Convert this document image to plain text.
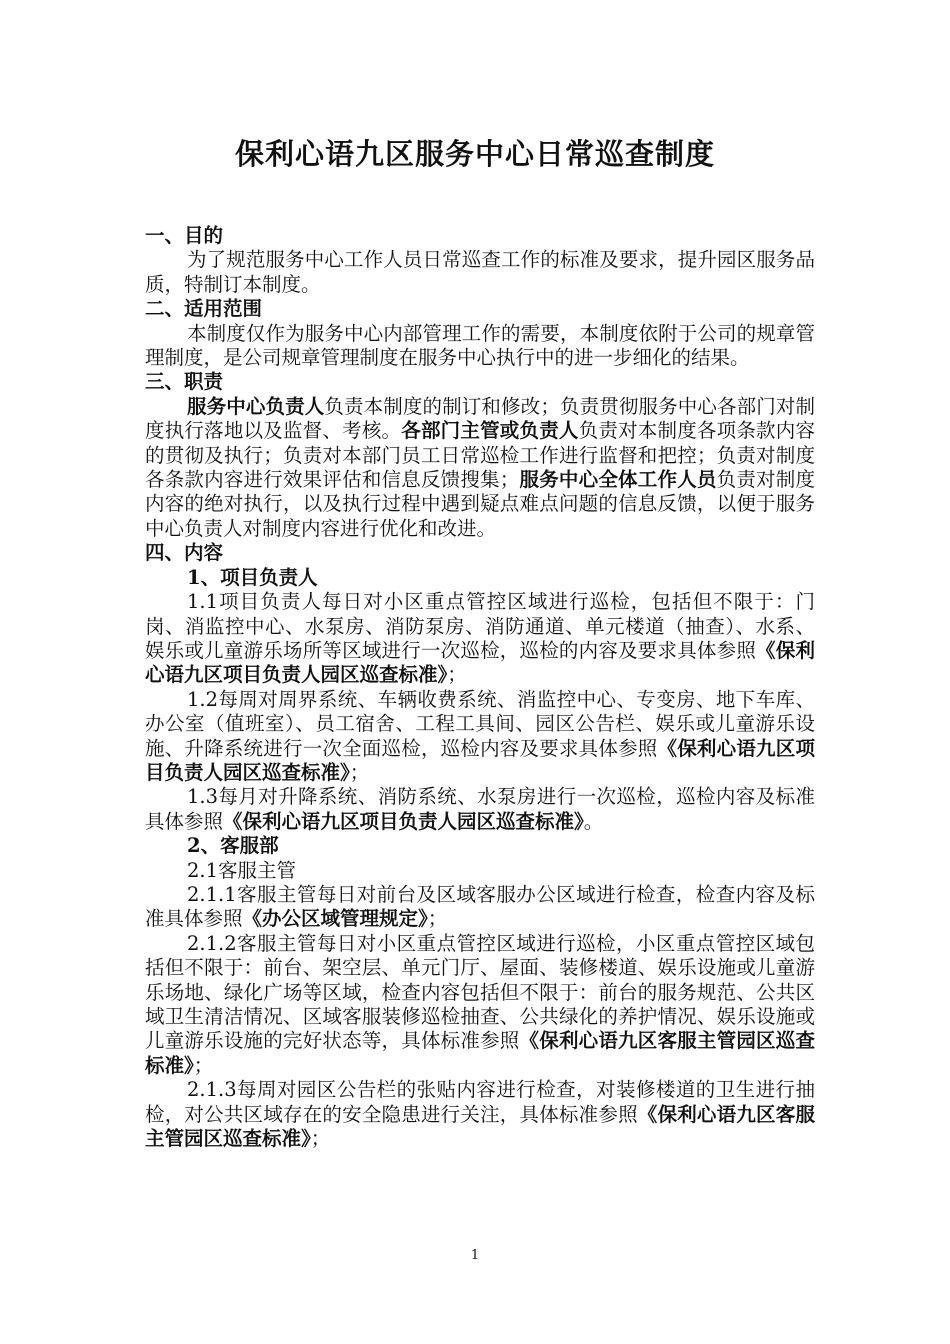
保利心语九区服务中心日常巡查制度

一、目的

为了规范服务中心工作人员日常巡查工作的标准及要求，提升园区服务品质，特制订本制度。

二、适用范围

本制度仅作为服务中心内部管理工作的需要，本制度依附于公司的规章管理制度，是公司规章管理制度在服务中心执行中的进一步细化的结果。

三、职责

服务中心负责人负责本制度的制订和修改；负责贯彻服务中心各部门对制度执行落地以及监督、考核。各部门主管或负责人负责对本制度各项条款内容的贯彻及执行；负责对本部门员工日常巡检工作进行监督和把控；负责对制度各条款内容进行效果评估和信息反馈搜集；服务中心全体工作人员负责对制度内容的绝对执行，以及执行过程中遇到疑点难点问题的信息反馈，以便于服务中心负责人对制度内容进行优化和改进。

四、内容

1、项目负责人

1.1项目负责人每日对小区重点管控区域进行巡检，包括但不限于：门岗、消监控中心、水泵房、消防泵房、消防通道、单元楼道（抽查）、水系、娱乐或儿童游乐场所等区域进行一次巡检，巡检的内容及要求具体参照《保利心语九区项目负责人园区巡查标准》；

1.2每周对周界系统、车辆收费系统、消监控中心、专变房、地下车库、办公室（值班室）、员工宿舍、工程工具间、园区公告栏、娱乐或儿童游乐设施、升降系统进行一次全面巡检，巡检内容及要求具体参照《保利心语九区项目负责人园区巡查标准》；

1.3每月对升降系统、消防系统、水泵房进行一次巡检，巡检内容及标准具体参照《保利心语九区项目负责人园区巡查标准》。

2、客服部

2.1客服主管

2.1.1客服主管每日对前台及区域客服办公区域进行检查，检查内容及标准具体参照《办公区域管理规定》；

2.1.2客服主管每日对小区重点管控区域进行巡检，小区重点管控区域包括但不限于：前台、架空层、单元门厅、屋面、装修楼道、娱乐设施或儿童游乐场地、绿化广场等区域，检查内容包括但不限于：前台的服务规范、公共区域卫生清洁情况、区域客服装修巡检抽查、公共绿化的养护情况、娱乐设施或儿童游乐设施的完好状态等，具体标准参照《保利心语九区客服主管园区巡查标准》；

2.1.3每周对园区公告栏的张贴内容进行检查，对装修楼道的卫生进行抽检，对公共区域存在的安全隐患进行关注，具体标准参照《保利心语九区客服主管园区巡查标准》；

1
